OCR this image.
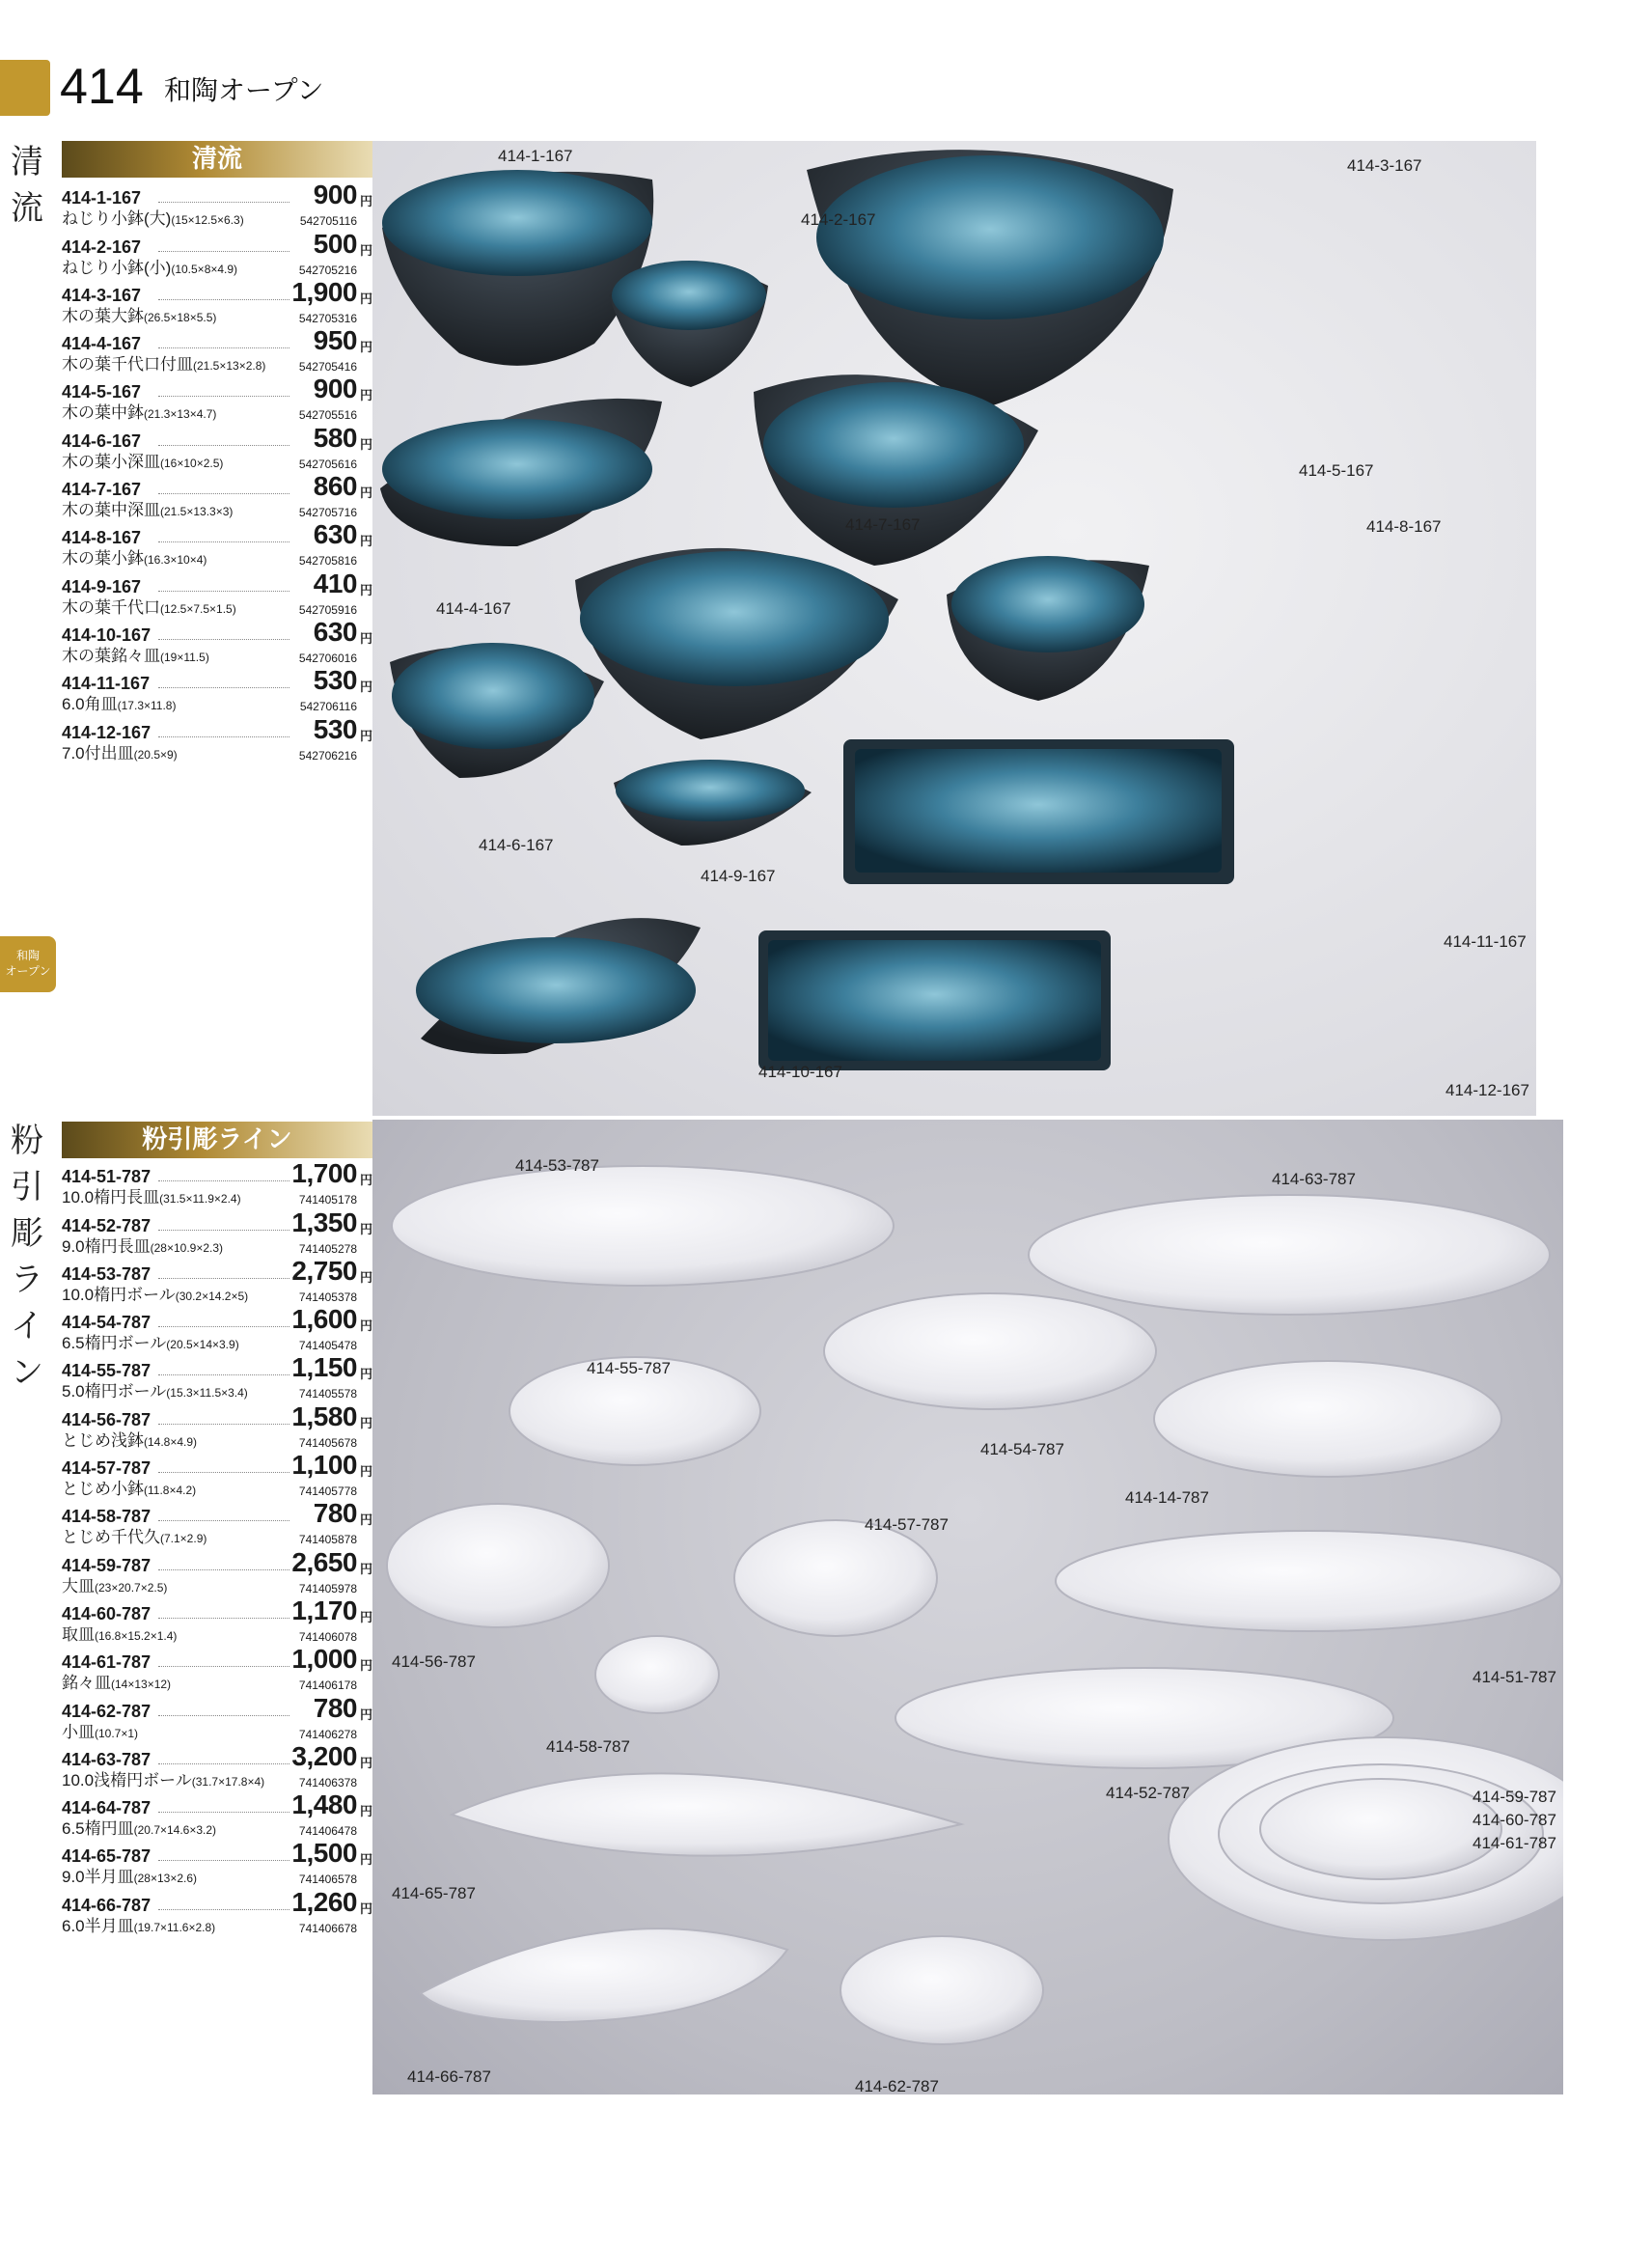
414 和陶オープン
和陶
オープン
清
流
清流
414-1-167	900 円
ねじり小鉢(大)(15×12.5×6.3)	542705116
414-2-167	500 円
ねじり小鉢(小)(10.5×8×4.9)	542705216
414-3-167	1,900 円
木の葉大鉢(26.5×18×5.5)	542705316
414-4-167	950 円
木の葉千代口付皿(21.5×13×2.8)	542705416
414-5-167	900 円
木の葉中鉢(21.3×13×4.7)	542705516
414-6-167	580 円
木の葉小深皿(16×10×2.5)	542705616
414-7-167	860 円
木の葉中深皿(21.5×13.3×3)	542705716
414-8-167	630 円
木の葉小鉢(16.3×10×4)	542705816
414-9-167	410 円
木の葉千代口(12.5×7.5×1.5)	542705916
414-10-167	630 円
木の葉銘々皿(19×11.5)	542706016
414-11-167	530 円
6.0角皿(17.3×11.8)	542706116
414-12-167	530 円
7.0付出皿(20.5×9)	542706216
414-1-167
414-2-167
414-3-167
414-4-167
414-5-167
414-6-167
414-7-167	414-8-167
414-9-167
414-10-167
414-11-167
414-12-167
粉
引
彫
ラ
イ
ン
粉引彫ライン
414-51-787	1,700 円
10.0楕円長皿(31.5×11.9×2.4)	741405178
414-52-787	1,350 円
9.0楕円長皿(28×10.9×2.3)	741405278
414-53-787	2,750 円
10.0楕円ボール(30.2×14.2×5)	741405378
414-54-787	1,600 円
6.5楕円ボール(20.5×14×3.9)	741405478
414-55-787	1,150 円
5.0楕円ボール(15.3×11.5×3.4)	741405578
414-56-787	1,580 円
とじめ浅鉢(14.8×4.9)	741405678
414-57-787	1,100 円
とじめ小鉢(11.8×4.2)	741405778
414-58-787	780 円
とじめ千代久(7.1×2.9)	741405878
414-59-787	2,650 円
大皿(23×20.7×2.5)	741405978
414-60-787	1,170 円
取皿(16.8×15.2×1.4)	741406078
414-61-787	1,000 円
銘々皿(14×13×12)	741406178
414-62-787	780 円
小皿(10.7×1)	741406278
414-63-787	3,200 円
10.0浅楕円ボール(31.7×17.8×4)	741406378
414-64-787	1,480 円
6.5楕円皿(20.7×14.6×3.2)	741406478
414-65-787	1,500 円
9.0半月皿(28×13×2.6)	741406578
414-66-787	1,260 円
6.0半月皿(19.7×11.6×2.8)	741406678
414-53-787
414-63-787
414-55-787
414-54-787
414-14-787
414-57-787
414-56-787
414-51-787
414-58-787
414-52-787	414-59-787
414-60-787
414-61-787
414-65-787
414-66-787
414-62-787
